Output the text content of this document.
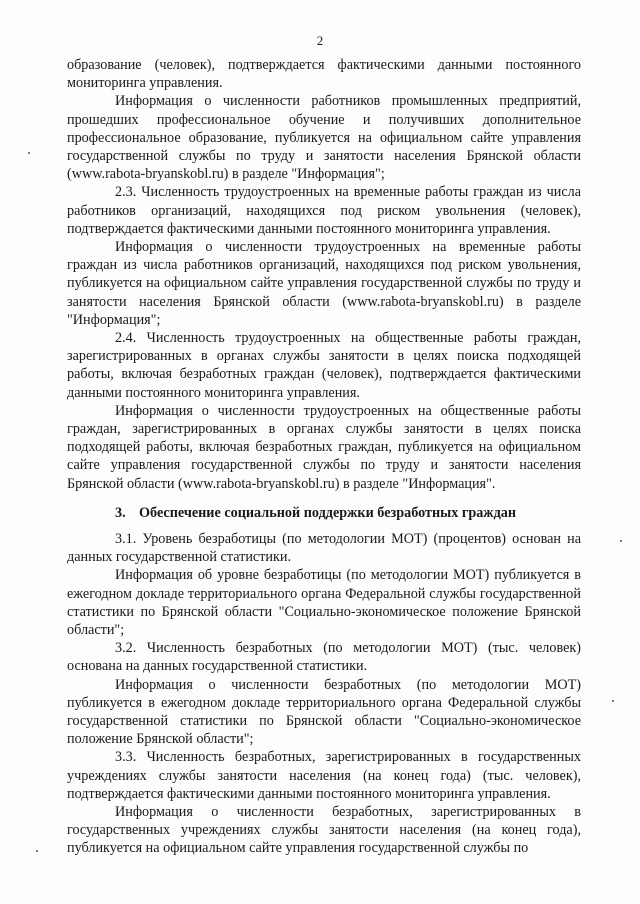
2

образование (человек), подтверждается фактическими данными постоянного мониторинга управления.

Информация о численности работников промышленных предприятий, прошедших профессиональное обучение и получивших дополнительное профессиональное образование, публикуется на официальном сайте управления государственной службы по труду и занятости населения Брянской области (www.rabota-bryanskobl.ru) в разделе "Информация";

2.3. Численность трудоустроенных на временные работы граждан из числа работников организаций, находящихся под риском увольнения (человек), подтверждается фактическими данными постоянного мониторинга управления.

Информация о численности трудоустроенных на временные работы граждан из числа работников организаций, находящихся под риском увольнения, публикуется на официальном сайте управления государственной службы по труду и занятости населения Брянской области (www.rabota-bryanskobl.ru) в разделе "Информация";

2.4. Численность трудоустроенных на общественные работы граждан, зарегистрированных в органах службы занятости в целях поиска подходящей работы, включая безработных граждан (человек), подтверждается фактическими данными постоянного мониторинга управления.

Информация о численности трудоустроенных на общественные работы граждан, зарегистрированных в органах службы занятости в целях поиска подходящей работы, включая безработных граждан, публикуется на официальном сайте управления государственной службы по труду и занятости населения Брянской области (www.rabota-bryanskobl.ru) в разделе "Информация".

3. Обеспечение социальной поддержки безработных граждан

3.1. Уровень безработицы (по методологии МОТ) (процентов) основан на данных государственной статистики.

Информация об уровне безработицы (по методологии МОТ) публикуется в ежегодном докладе территориального органа Федеральной службы государственной статистики по Брянской области "Социально-экономическое положение Брянской области";

3.2. Численность безработных (по методологии МОТ) (тыс. человек) основана на данных государственной статистики.

Информация о численности безработных (по методологии МОТ) публикуется в ежегодном докладе территориального органа Федеральной службы государственной статистики по Брянской области "Социально-экономическое положение Брянской области";

3.3. Численность безработных, зарегистрированных в государственных учреждениях службы занятости населения (на конец года) (тыс. человек), подтверждается фактическими данными постоянного мониторинга управления.

Информация о численности безработных, зарегистрированных в государственных учреждениях службы занятости населения (на конец года), публикуется на официальном сайте управления государственной службы по
